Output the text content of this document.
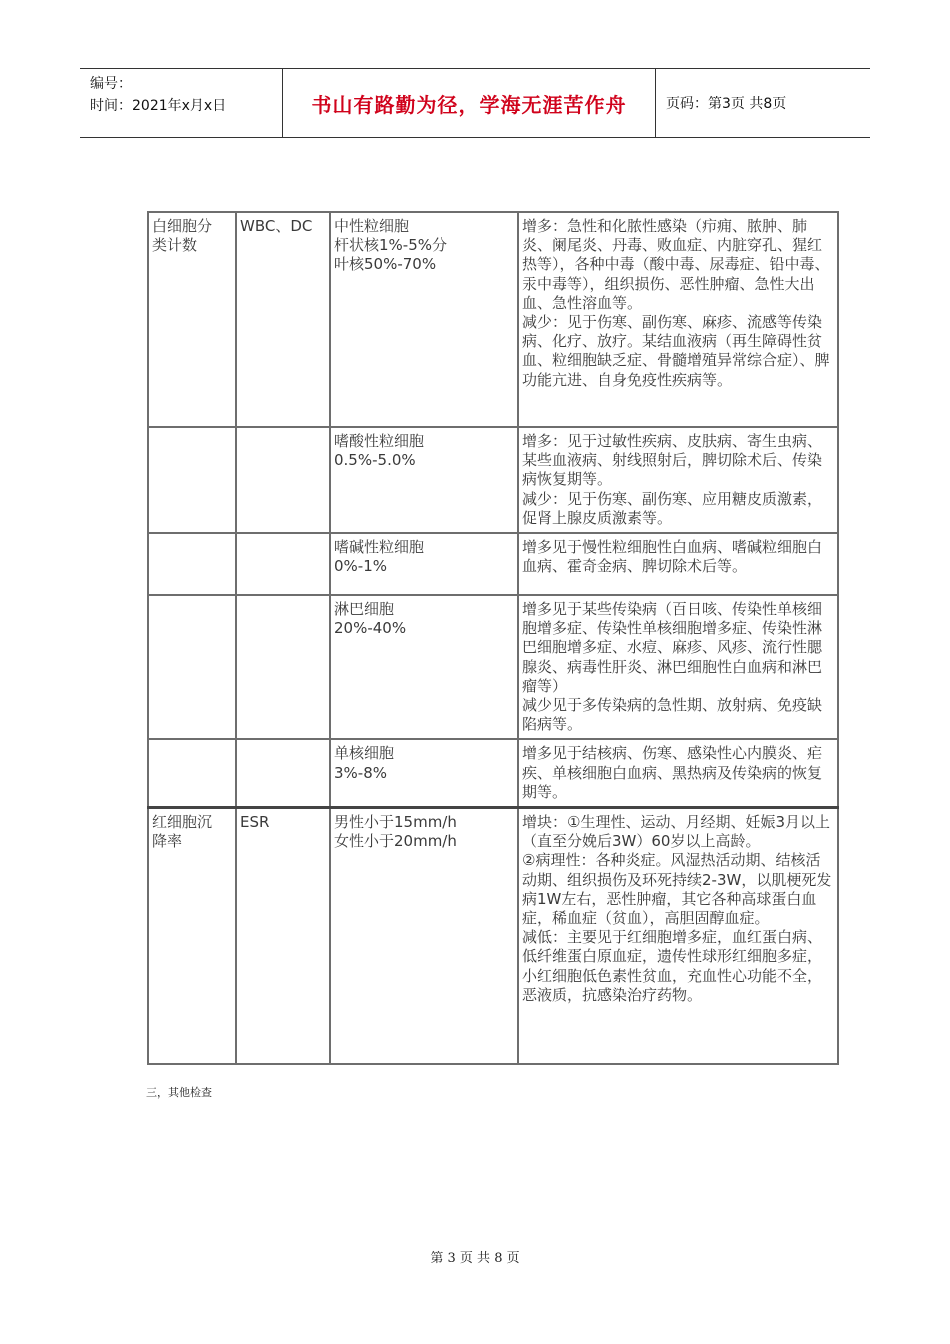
编号：
时间：2021年x月x日	书山有路勤为径，学海无涯苦作舟	页码：第3页 共8页
白细胞分
类计数	WBC、DC	中性粒细胞
杆状核1%-5%分
叶核50%-70%	增多：急性和化脓性感染（疖痈、脓肿、肺炎、阑尾炎、丹毒、败血症、内脏穿孔、猩红热等），各种中毒（酸中毒、尿毒症、铅中毒、汞中毒等），组织损伤、恶性肿瘤、急性大出血、急性溶血等。
减少：见于伤寒、副伤寒、麻疹、流感等传染病、化疗、放疗。某结血液病（再生障碍性贫血、粒细胞缺乏症、骨髓增殖异常综合症）、脾功能亢进、自身免疫性疾病等。
		嗜酸性粒细胞
0.5%-5.0%	增多：见于过敏性疾病、皮肤病、寄生虫病、某些血液病、射线照射后，脾切除术后、传染病恢复期等。
减少：见于伤寒、副伤寒、应用糖皮质激素，促肾上腺皮质激素等。
		嗜碱性粒细胞
0%-1%	增多见于慢性粒细胞性白血病、嗜碱粒细胞白血病、霍奇金病、脾切除术后等。
		淋巴细胞
20%-40%	增多见于某些传染病（百日咳、传染性单核细胞增多症、传染性单核细胞增多症、传染性淋巴细胞增多症、水痘、麻疹、风疹、流行性腮腺炎、病毒性肝炎、淋巴细胞性白血病和淋巴瘤等）
减少见于多传染病的急性期、放射病、免疫缺陷病等。
		单核细胞
3%-8%	增多见于结核病、伤寒、感染性心内膜炎、疟疾、单核细胞白血病、黑热病及传染病的恢复期等。
红细胞沉
降率	ESR	男性小于15mm/h
女性小于20mm/h	增块：①生理性、运动、月经期、妊娠3月以上（直至分娩后3W）60岁以上高龄。
②病理性：各种炎症。风湿热活动期、结核活动期、组织损伤及环死持续2-3W，以肌梗死发病1W左右，恶性肿瘤，其它各种高球蛋白血症，稀血症（贫血），高胆固醇血症。
减低：主要见于红细胞增多症，血红蛋白病、低纤维蛋白原血症，遗传性球形红细胞多症，小红细胞低色素性贫血，充血性心功能不全，恶液质，抗感染治疗药物。
三，其他检查
第 3 页 共 8 页
